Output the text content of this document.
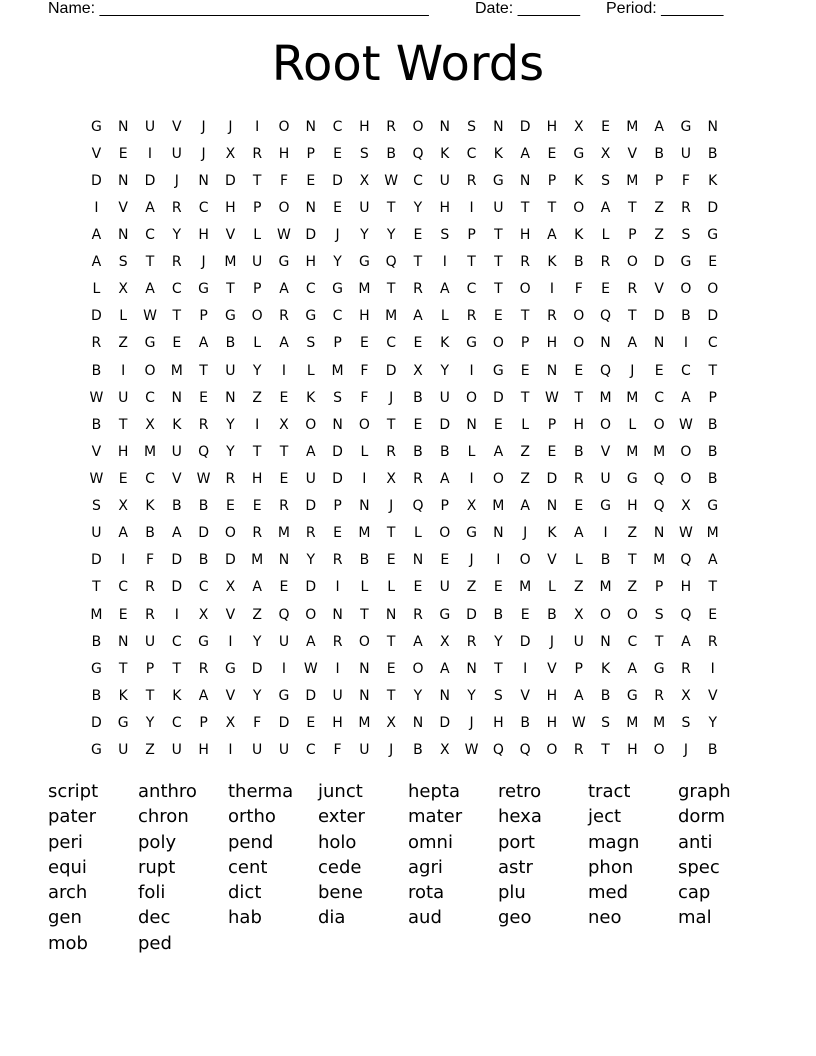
Name: _____________________________________	Date: _______ Period: _______
Root Words
G	N	U	V	J	J	I	O	N	C	H	R	O	N	S	N	D	H	X	E	M	A	G	N
V	E	I	U	J	X	R	H	P	E	S	B	Q	K	C	K	A	E	G	X	V	B	U	B
D	N	D	J	N	D	T	F	E	D	X	W	C	U	R	G	N	P	K	S	M	P	F	K
I	V	A	R	C	H	P	O	N	E	U	T	Y	H	I	U	T	T	O	A	T	Z	R	D
A	N	C	Y	H	V	L	W	D	J	Y	Y	E	S	P	T	H	A	K	L	P	Z	S	G
A	S	T	R	J	M	U	G	H	Y	G	Q	T	I	T	T	R	K	B	R	O	D	G	E
L	X	A	C	G	T	P	A	C	G	M	T	R	A	C	T	O	I	F	E	R	V	O	O
D	L	W	T	P	G	O	R	G	C	H	M	A	L	R	E	T	R	O	Q	T	D	B	D
R	Z	G	E	A	B	L	A	S	P	E	C	E	K	G	O	P	H	O	N	A	N	I	C
B	I	O	M	T	U	Y	I	L	M	F	D	X	Y	I	G	E	N	E	Q	J	E	C	T
W	U	C	N	E	N	Z	E	K	S	F	J	B	U	O	D	T	W	T	M	M	C	A	P
B	T	X	K	R	Y	I	X	O	N	O	T	E	D	N	E	L	P	H	O	L	O	W	B
V	H	M	U	Q	Y	T	T	A	D	L	R	B	B	L	A	Z	E	B	V	M	M	O	B
W	E	C	V	W	R	H	E	U	D	I	X	R	A	I	O	Z	D	R	U	G	Q	O	B
S	X	K	B	B	E	E	R	D	P	N	J	Q	P	X	M	A	N	E	G	H	Q	X	G
U	A	B	A	D	O	R	M	R	E	M	T	L	O	G	N	J	K	A	I	Z	N	W M
D	I	F	D	B	D	M	N	Y	R	B	E	N	E	J	I	O	V	L	B	T	M	Q	A
T	C	R	D	C	X	A	E	D	I	L	L	E	U	Z	E	M	L	Z	M	Z	P	H	T
M	E	R	I	X	V	Z	Q	O	N	T	N	R	G	D	B	E	B	X	O	O	S	Q	E
B	N	U	C	G	I	Y	U	A	R	O	T	A	X	R	Y	D	J	U	N	C	T	A	R
G	T	P	T	R	G	D	I	W	I	N	E	O	A	N	T	I	V	P	K	A	G	R	I
B	K	T	K	A	V	Y	G	D	U	N	T	Y	N	Y	S	V	H	A	B	G	R	X	V
D	G	Y	C	P	X	F	D	E	H	M	X	N	D	J	H	B	H	W	S	M	M	S	Y
G	U	Z	U	H	I	U	U	C	F	U	J	B	X	W	Q	Q	O	R	T	H	O	J	B
script	anthro	therma	junct	hepta	retro	tract	graph
pater	chron	ortho	exter	mater	hexa	ject	dorm
peri	poly	pend	holo	omni	port	magn	anti
equi	rupt	cent	cede	agri	astr	phon	spec
arch	foli	dict	bene	rota	plu	med	cap
gen	dec	hab	dia	aud	geo	neo	mal
mob	ped
